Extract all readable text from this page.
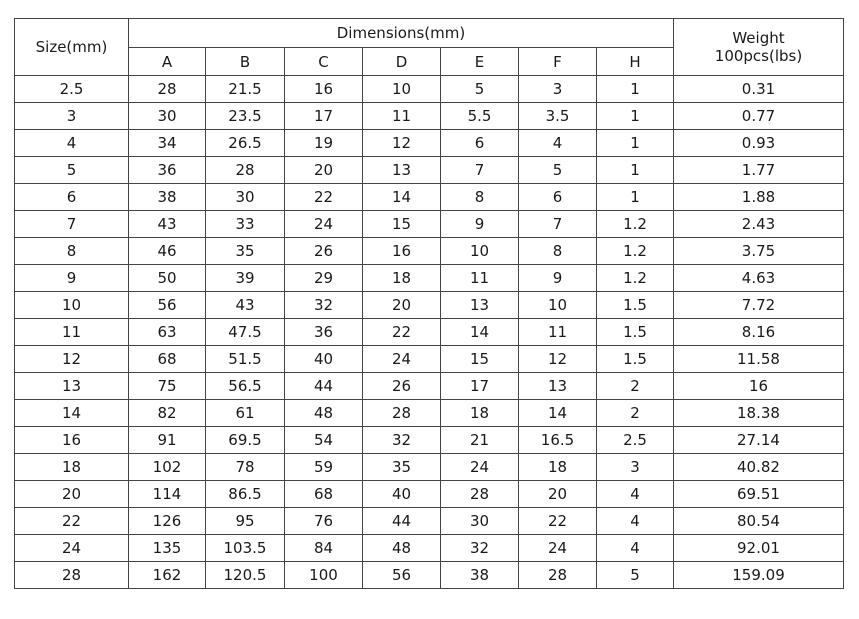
Size(mm)	Dimensions(mm)							Weight
100pcs(lbs)

	A	B	C	D	E	F	H	
2.5	28	21.5	16	10	5	3	1	0.31
3	30	23.5	17	11	5.5	3.5	1	0.77
4	34	26.5	19	12	6	4	1	0.93
5	36	28	20	13	7	5	1	1.77
6	38	30	22	14	8	6	1	1.88
7	43	33	24	15	9	7	1.2	2.43
8	46	35	26	16	10	8	1.2	3.75
9	50	39	29	18	11	9	1.2	4.63
10	56	43	32	20	13	10	1.5	7.72
11	63	47.5	36	22	14	11	1.5	8.16
12	68	51.5	40	24	15	12	1.5	11.58
13	75	56.5	44	26	17	13	2	16
14	82	61	48	28	18	14	2	18.38
16	91	69.5	54	32	21	16.5	2.5	27.14
18	102	78	59	35	24	18	3	40.82
20	114	86.5	68	40	28	20	4	69.51
22	126	95	76	44	30	22	4	80.54
24	135	103.5	84	48	32	24	4	92.01
28	162	120.5	100	56	38	28	5	159.09
